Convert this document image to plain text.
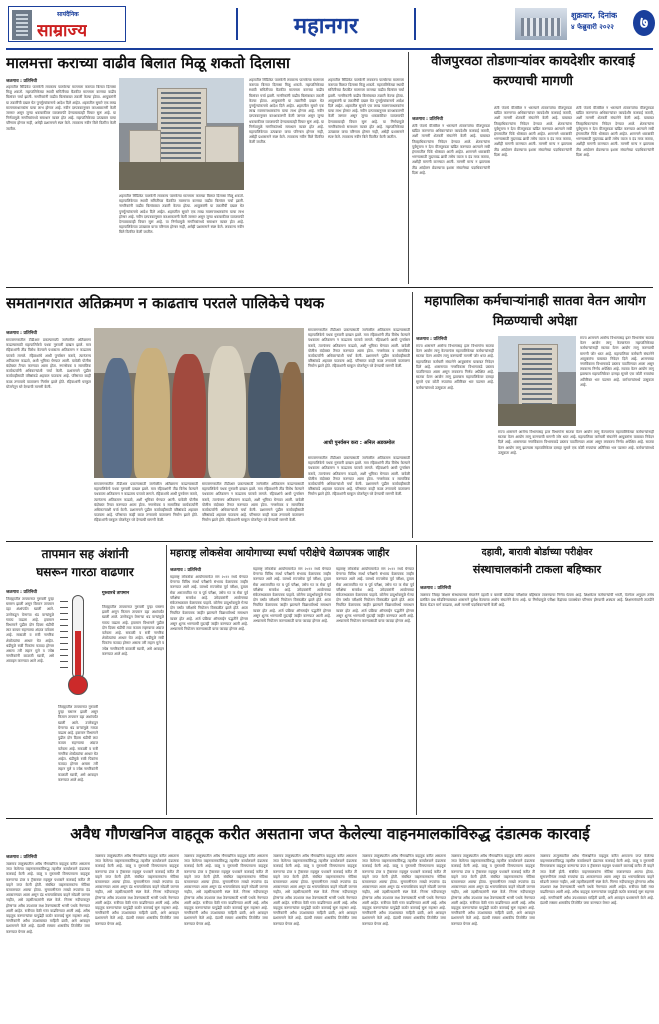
सायंदैनिक
साम्राज्य	महानगर	शुक्रवार, दिनांक
४ फेब्रुवारी २०२२	७
मालमत्ता कराच्या वाढीव बिलात मिळू शकतो दिलासा
जळगाव : प्रतिनिधी
शहरातील सिंडिकेट पालकेनी लवकरच पालकेन्या मालमत्ता कराच्या बिलात दिलासा मिळू शकतो. महापालिकेच्या स्थायी समितीच्या बैठकीत मालमत्ता कराच्या वाढीव बिलांवर चर्चा झाली. नागरिकांनी वाढीव बिलांबाबत तक्रारी केल्या होत्या. आयुक्तांनी या तक्रारींची दखल घेत पुनर्मूल्यांकनाचे आदेश दिले आहेत. शहरातील सुमारे एक लाख मालमत्ताधारकांना याचा लाभ होणार आहे. नवीन दरपत्रकानुसार करआकारणी केली जाणार असून जुन्या थकबाकीवर व्याजमाफी देण्याबाबतही विचार सुरू आहे. या निर्णयामुळे नागरिकांमध्ये समाधान व्यक्त होत आहे. महापालिकेच्या उत्पन्नावर याचा परिणाम होणार नाही, असेही प्रशासनाने स्पष्ट केले. लवकरच नवीन बिले वितरित केली जातील.
शहरातील सिंडिकेट पालकेनी लवकरच पालकेन्या मालमत्ता कराच्या बिलात दिलासा मिळू शकतो. महापालिकेच्या स्थायी समितीच्या बैठकीत मालमत्ता कराच्या वाढीव बिलांवर चर्चा झाली. नागरिकांनी वाढीव बिलांबाबत तक्रारी केल्या होत्या. आयुक्तांनी या तक्रारींची दखल घेत पुनर्मूल्यांकनाचे आदेश दिले आहेत. शहरातील सुमारे एक लाख मालमत्ताधारकांना याचा लाभ होणार आहे. नवीन दरपत्रकानुसार करआकारणी केली जाणार असून जुन्या थकबाकीवर व्याजमाफी देण्याबाबतही विचार सुरू आहे. या निर्णयामुळे नागरिकांमध्ये समाधान व्यक्त होत आहे. महापालिकेच्या उत्पन्नावर याचा परिणाम होणार नाही, असेही प्रशासनाने स्पष्ट केले. लवकरच नवीन बिले वितरित केली जातील.
शहरातील सिंडिकेट पालकेनी लवकरच पालकेन्या मालमत्ता कराच्या बिलात दिलासा मिळू शकतो. महापालिकेच्या स्थायी समितीच्या बैठकीत मालमत्ता कराच्या वाढीव बिलांवर चर्चा झाली. नागरिकांनी वाढीव बिलांबाबत तक्रारी केल्या होत्या. आयुक्तांनी या तक्रारींची दखल घेत पुनर्मूल्यांकनाचे आदेश दिले आहेत. शहरातील सुमारे एक लाख मालमत्ताधारकांना याचा लाभ होणार आहे. नवीन दरपत्रकानुसार करआकारणी केली जाणार असून जुन्या थकबाकीवर व्याजमाफी देण्याबाबतही विचार सुरू आहे. या निर्णयामुळे नागरिकांमध्ये समाधान व्यक्त होत आहे. महापालिकेच्या उत्पन्नावर याचा परिणाम होणार नाही, असेही प्रशासनाने स्पष्ट केले. लवकरच नवीन बिले वितरित केली जातील.
शहरातील सिंडिकेट पालकेनी लवकरच पालकेन्या मालमत्ता कराच्या बिलात दिलासा मिळू शकतो. महापालिकेच्या स्थायी समितीच्या बैठकीत मालमत्ता कराच्या वाढीव बिलांवर चर्चा झाली. नागरिकांनी वाढीव बिलांबाबत तक्रारी केल्या होत्या. आयुक्तांनी या तक्रारींची दखल घेत पुनर्मूल्यांकनाचे आदेश दिले आहेत. शहरातील सुमारे एक लाख मालमत्ताधारकांना याचा लाभ होणार आहे. नवीन दरपत्रकानुसार करआकारणी केली जाणार असून जुन्या थकबाकीवर व्याजमाफी देण्याबाबतही विचार सुरू आहे. या निर्णयामुळे नागरिकांमध्ये समाधान व्यक्त होत आहे. महापालिकेच्या उत्पन्नावर याचा परिणाम होणार नाही, असेही प्रशासनाने स्पष्ट केले. लवकरच नवीन बिले वितरित केली जातील.
वीजपुरवठा तोडणाऱ्यांवर कायदेशीर कारवाई करण्याची मागणी
जळगाव : प्रतिनिधी
शेती पंपाचे वीजबिल न भरल्याने शेतकऱ्यांचा वीजपुरवठा खंडित करणाऱ्या अधिकाऱ्यांवर कायदेशीर कारवाई करावी, अशी मागणी शेतकरी संघटनेने केली आहे. याबाबत जिल्हाधिकाऱ्यांना निवेदन देण्यात आले. शेतकऱ्यांना पूर्वसूचना न देता वीजपुरवठा खंडित करण्यात आल्याने रब्बी हंगामातील पिके धोक्यात आली आहेत. शासनाने थकबाकी भरण्यासाठी मुदतवाढ द्यावी तसेच व्याज व दंड माफ करावा, अशीही मागणी करण्यात आली. मागणी मान्य न झाल्यास तीव्र आंदोलन छेडण्याचा इशारा संघटनेच्या पदाधिकाऱ्यांनी दिला आहे.
शेती पंपाचे वीजबिल न भरल्याने शेतकऱ्यांचा वीजपुरवठा खंडित करणाऱ्या अधिकाऱ्यांवर कायदेशीर कारवाई करावी, अशी मागणी शेतकरी संघटनेने केली आहे. याबाबत जिल्हाधिकाऱ्यांना निवेदन देण्यात आले. शेतकऱ्यांना पूर्वसूचना न देता वीजपुरवठा खंडित करण्यात आल्याने रब्बी हंगामातील पिके धोक्यात आली आहेत. शासनाने थकबाकी भरण्यासाठी मुदतवाढ द्यावी तसेच व्याज व दंड माफ करावा, अशीही मागणी करण्यात आली. मागणी मान्य न झाल्यास तीव्र आंदोलन छेडण्याचा इशारा संघटनेच्या पदाधिकाऱ्यांनी दिला आहे.
शेती पंपाचे वीजबिल न भरल्याने शेतकऱ्यांचा वीजपुरवठा खंडित करणाऱ्या अधिकाऱ्यांवर कायदेशीर कारवाई करावी, अशी मागणी शेतकरी संघटनेने केली आहे. याबाबत जिल्हाधिकाऱ्यांना निवेदन देण्यात आले. शेतकऱ्यांना पूर्वसूचना न देता वीजपुरवठा खंडित करण्यात आल्याने रब्बी हंगामातील पिके धोक्यात आली आहेत. शासनाने थकबाकी भरण्यासाठी मुदतवाढ द्यावी तसेच व्याज व दंड माफ करावा, अशीही मागणी करण्यात आली. मागणी मान्य न झाल्यास तीव्र आंदोलन छेडण्याचा इशारा संघटनेच्या पदाधिकाऱ्यांनी दिला आहे.
समतानगरात अतिक्रमण न काढताच परतले पालिकेचे पथक
जळगाव : प्रतिनिधी
समतानगरातील टीडीआर प्रकल्पासाठी जागेवरील अतिक्रमण काढण्यासाठी महापालिकेचे पथक गुरुवारी दाखल झाले. मात्र रहिवाशांनी तीव्र विरोध केल्याने पथकाला अतिक्रमण न काढताच परतावे लागले. रहिवाशांचे आधी पुनर्वसन करावे, त्यानंतरच अतिक्रमण काढावे, अशी भूमिका घेण्यात आली. यावेळी पोलीस बंदोबस्त तैनात करण्यात आला होता. नगरसेवक व सामाजिक कार्यकर्त्यांनी अधिकाऱ्यांशी चर्चा केली. प्रशासनाने पुढील कार्यवाहीसाठी वरिष्ठांकडे अहवाल पाठवला आहे. परिसरात काही काळ तणावाचे वातावरण निर्माण झाले होते. रहिवाशांनी घरकुल योजनेतून घरे देण्याची मागणी केली.
समतानगरातील टीडीआर प्रकल्पासाठी जागेवरील अतिक्रमण काढण्यासाठी महापालिकेचे पथक गुरुवारी दाखल झाले. मात्र रहिवाशांनी तीव्र विरोध केल्याने पथकाला अतिक्रमण न काढताच परतावे लागले. रहिवाशांचे आधी पुनर्वसन करावे, त्यानंतरच अतिक्रमण काढावे, अशी भूमिका घेण्यात आली. यावेळी पोलीस बंदोबस्त तैनात करण्यात आला होता. नगरसेवक व सामाजिक कार्यकर्त्यांनी अधिकाऱ्यांशी चर्चा केली. प्रशासनाने पुढील कार्यवाहीसाठी वरिष्ठांकडे अहवाल पाठवला आहे. परिसरात काही काळ तणावाचे वातावरण निर्माण झाले होते. रहिवाशांनी घरकुल योजनेतून घरे देण्याची मागणी केली.
समतानगरातील टीडीआर प्रकल्पासाठी जागेवरील अतिक्रमण काढण्यासाठी महापालिकेचे पथक गुरुवारी दाखल झाले. मात्र रहिवाशांनी तीव्र विरोध केल्याने पथकाला अतिक्रमण न काढताच परतावे लागले. रहिवाशांचे आधी पुनर्वसन करावे, त्यानंतरच अतिक्रमण काढावे, अशी भूमिका घेण्यात आली. यावेळी पोलीस बंदोबस्त तैनात करण्यात आला होता. नगरसेवक व सामाजिक कार्यकर्त्यांनी अधिकाऱ्यांशी चर्चा केली. प्रशासनाने पुढील कार्यवाहीसाठी वरिष्ठांकडे अहवाल पाठवला आहे. परिसरात काही काळ तणावाचे वातावरण निर्माण झाले होते. रहिवाशांनी घरकुल योजनेतून घरे देण्याची मागणी केली.
समतानगरातील टीडीआर प्रकल्पासाठी जागेवरील अतिक्रमण काढण्यासाठी महापालिकेचे पथक गुरुवारी दाखल झाले. मात्र रहिवाशांनी तीव्र विरोध केल्याने पथकाला अतिक्रमण न काढताच परतावे लागले. रहिवाशांचे आधी पुनर्वसन करावे, त्यानंतरच अतिक्रमण काढावे, अशी भूमिका घेण्यात आली. यावेळी पोलीस बंदोबस्त तैनात करण्यात आला होता. नगरसेवक व सामाजिक कार्यकर्त्यांनी अधिकाऱ्यांशी चर्चा केली. प्रशासनाने पुढील कार्यवाहीसाठी वरिष्ठांकडे अहवाल पाठवला आहे. परिसरात काही काळ तणावाचे वातावरण निर्माण झाले होते. रहिवाशांनी घरकुल योजनेतून घरे देण्याची मागणी केली.
आधी पुनर्वसन करा : अनिल अडकमोल
समतानगरातील टीडीआर प्रकल्पासाठी जागेवरील अतिक्रमण काढण्यासाठी महापालिकेचे पथक गुरुवारी दाखल झाले. मात्र रहिवाशांनी तीव्र विरोध केल्याने पथकाला अतिक्रमण न काढताच परतावे लागले. रहिवाशांचे आधी पुनर्वसन करावे, त्यानंतरच अतिक्रमण काढावे, अशी भूमिका घेण्यात आली. यावेळी पोलीस बंदोबस्त तैनात करण्यात आला होता. नगरसेवक व सामाजिक कार्यकर्त्यांनी अधिकाऱ्यांशी चर्चा केली. प्रशासनाने पुढील कार्यवाहीसाठी वरिष्ठांकडे अहवाल पाठवला आहे. परिसरात काही काळ तणावाचे वातावरण निर्माण झाले होते. रहिवाशांनी घरकुल योजनेतून घरे देण्याची मागणी केली.
महापालिका कर्मचाऱ्यांनाही सातवा वेतन आयोग मिळण्याची अपेक्षा
जळगाव : प्रतिनिधी
राज्य शासनाने आरोग्य विभागासह इतर विभागांना सातवा वेतन आयोग लागू केल्यानंतर महापालिकेच्या कर्मचाऱ्यांनाही सातवा वेतन आयोग लागू करण्याची मागणी जोर धरत आहे. महापालिका कर्मचारी संघटनेने आयुक्तांना याबाबत निवेदन दिले आहे. शासनाच्या नगरविकास विभागाकडे प्रस्ताव पाठविण्यात आला असून लवकरच निर्णय अपेक्षित आहे. सातवा वेतन आयोग लागू झाल्यास महापालिकेवर दरमहा सुमारे एक कोटी रुपयांचा अतिरिक्त भार पडणार आहे. कर्मचाऱ्यांमध्ये उत्सुकता आहे.
राज्य शासनाने आरोग्य विभागासह इतर विभागांना सातवा वेतन आयोग लागू केल्यानंतर महापालिकेच्या कर्मचाऱ्यांनाही सातवा वेतन आयोग लागू करण्याची मागणी जोर धरत आहे. महापालिका कर्मचारी संघटनेने आयुक्तांना याबाबत निवेदन दिले आहे. शासनाच्या नगरविकास विभागाकडे प्रस्ताव पाठविण्यात आला असून लवकरच निर्णय अपेक्षित आहे. सातवा वेतन आयोग लागू झाल्यास महापालिकेवर दरमहा सुमारे एक कोटी रुपयांचा अतिरिक्त भार पडणार आहे. कर्मचाऱ्यांमध्ये उत्सुकता आहे.
राज्य शासनाने आरोग्य विभागासह इतर विभागांना सातवा वेतन आयोग लागू केल्यानंतर महापालिकेच्या कर्मचाऱ्यांनाही सातवा वेतन आयोग लागू करण्याची मागणी जोर धरत आहे. महापालिका कर्मचारी संघटनेने आयुक्तांना याबाबत निवेदन दिले आहे. शासनाच्या नगरविकास विभागाकडे प्रस्ताव पाठविण्यात आला असून लवकरच निर्णय अपेक्षित आहे. सातवा वेतन आयोग लागू झाल्यास महापालिकेवर दरमहा सुमारे एक कोटी रुपयांचा अतिरिक्त भार पडणार आहे. कर्मचाऱ्यांमध्ये उत्सुकता आहे.
तापमान सह अंशांनी
घसरून गारठा वाढणार
जळगाव : प्रतिनिधी
जिल्ह्यातील तापमानात गुरुवारी पुन्हा घसरण झाली असून किमान तापमान दहा अंशांपर्यंत खाली आले. उत्तरेकडून येणाऱ्या थंड वाऱ्यांमुळे गारठा वाढला आहे. हवामान विभागाने पुढील दोन दिवस थंडीची लाट कायम राहण्याचा अंदाज वर्तवला आहे. सकाळी व रात्री नागरिक शेकोट्यांचा आधार घेत आहेत. थंडीमुळे रब्बी पिकांना फायदा होणार असला तरी लहान मुले व ज्येष्ठ नागरिकांनी काळजी घ्यावी, असे आवाहन करण्यात आले आहे.
गुरुवारचे तापमान
जिल्ह्यातील तापमानात गुरुवारी पुन्हा घसरण झाली असून किमान तापमान दहा अंशांपर्यंत खाली आले. उत्तरेकडून येणाऱ्या थंड वाऱ्यांमुळे गारठा वाढला आहे. हवामान विभागाने पुढील दोन दिवस थंडीची लाट कायम राहण्याचा अंदाज वर्तवला आहे. सकाळी व रात्री नागरिक शेकोट्यांचा आधार घेत आहेत. थंडीमुळे रब्बी पिकांना फायदा होणार असला तरी लहान मुले व ज्येष्ठ नागरिकांनी काळजी घ्यावी, असे आवाहन करण्यात आले आहे.
जिल्ह्यातील तापमानात गुरुवारी पुन्हा घसरण झाली असून किमान तापमान दहा अंशांपर्यंत खाली आले. उत्तरेकडून येणाऱ्या थंड वाऱ्यांमुळे गारठा वाढला आहे. हवामान विभागाने पुढील दोन दिवस थंडीची लाट कायम राहण्याचा अंदाज वर्तवला आहे. सकाळी व रात्री नागरिक शेकोट्यांचा आधार घेत आहेत. थंडीमुळे रब्बी पिकांना फायदा होणार असला तरी लहान मुले व ज्येष्ठ नागरिकांनी काळजी घ्यावी, असे आवाहन करण्यात आले आहे.
महाराष्ट्र लोकसेवा आयोगाच्या स्पर्धा परीक्षेचे वेळापत्रक जाहीर
जळगाव : प्रतिनिधी
महाराष्ट्र लोकसेवा आयोगामार्फत सन २०२२ मध्ये घेण्यात येणाऱ्या विविध स्पर्धा परीक्षांचे संभाव्य वेळापत्रक जाहीर करण्यात आले आहे. यामध्ये राज्यसेवा पूर्व परीक्षा, दुय्यम सेवा अराजपत्रित गट ब पूर्व परीक्षा, तसेच गट क सेवा पूर्व परीक्षेचा समावेश आहे. उमेदवारांनी आयोगाच्या संकेतस्थळावर वेळापत्रक पाहावे. कोरोना प्रादुर्भावामुळे गेल्या दोन वर्षांत परीक्षांचे नियोजन विस्कळीत झाले होते. आता नियमित वेळापत्रक जाहीर झाल्याने विद्यार्थ्यांमध्ये समाधान व्यक्त होत आहे. अर्ज प्रक्रिया ऑनलाईन पद्धतीने होणार असून शुल्क भरण्याची मुदतही जाहीर करण्यात आली आहे. अभ्यासाचे नियोजन करण्यासाठी याचा फायदा होणार आहे.
महाराष्ट्र लोकसेवा आयोगामार्फत सन २०२२ मध्ये घेण्यात येणाऱ्या विविध स्पर्धा परीक्षांचे संभाव्य वेळापत्रक जाहीर करण्यात आले आहे. यामध्ये राज्यसेवा पूर्व परीक्षा, दुय्यम सेवा अराजपत्रित गट ब पूर्व परीक्षा, तसेच गट क सेवा पूर्व परीक्षेचा समावेश आहे. उमेदवारांनी आयोगाच्या संकेतस्थळावर वेळापत्रक पाहावे. कोरोना प्रादुर्भावामुळे गेल्या दोन वर्षांत परीक्षांचे नियोजन विस्कळीत झाले होते. आता नियमित वेळापत्रक जाहीर झाल्याने विद्यार्थ्यांमध्ये समाधान व्यक्त होत आहे. अर्ज प्रक्रिया ऑनलाईन पद्धतीने होणार असून शुल्क भरण्याची मुदतही जाहीर करण्यात आली आहे. अभ्यासाचे नियोजन करण्यासाठी याचा फायदा होणार आहे.
महाराष्ट्र लोकसेवा आयोगामार्फत सन २०२२ मध्ये घेण्यात येणाऱ्या विविध स्पर्धा परीक्षांचे संभाव्य वेळापत्रक जाहीर करण्यात आले आहे. यामध्ये राज्यसेवा पूर्व परीक्षा, दुय्यम सेवा अराजपत्रित गट ब पूर्व परीक्षा, तसेच गट क सेवा पूर्व परीक्षेचा समावेश आहे. उमेदवारांनी आयोगाच्या संकेतस्थळावर वेळापत्रक पाहावे. कोरोना प्रादुर्भावामुळे गेल्या दोन वर्षांत परीक्षांचे नियोजन विस्कळीत झाले होते. आता नियमित वेळापत्रक जाहीर झाल्याने विद्यार्थ्यांमध्ये समाधान व्यक्त होत आहे. अर्ज प्रक्रिया ऑनलाईन पद्धतीने होणार असून शुल्क भरण्याची मुदतही जाहीर करण्यात आली आहे. अभ्यासाचे नियोजन करण्यासाठी याचा फायदा होणार आहे.
दहावी, बारावी बोर्डाच्या परीक्षेवर
संस्थाचालकांनी टाकला बहिष्कार
जळगाव : प्रतिनिधी
जळगाव जिल्हा शिक्षण संस्थाचालक संघटनेने दहावी व बारावी बोर्डाच्या परीक्षांवर बहिष्कार टाकण्याचा निर्णय घेतला आहे. शिक्षकेतर कर्मचाऱ्यांची भरती, वेतनेतर अनुदान तसेच प्रलंबित प्रश्न सोडविण्याबाबत शासनाने दुर्लक्ष केल्याचा आरोप संघटनेने केला आहे. या निर्णयामुळे परीक्षा केंद्रांच्या व्यवस्थेवर परिणाम होण्याची शक्यता आहे. शिक्षणमंत्र्यांनी तातडीने बैठक घेऊन मार्ग काढावा, अशी मागणी पदाधिकाऱ्यांनी केली आहे.
अवैध गौणखनिज वाहतूक करीत असताना जप्त केलेल्या वाहनमालकांविरुद्ध दंडात्मक कारवाई
जळगाव : प्रतिनिधी
जळगाव तालुक्यातील अवैध गौणखनिज वाहतूक करीत असताना जप्त केलेल्या वाहनमालकांविरुद्ध तहसील कार्यालयाने दंडात्मक कारवाई केली आहे. वाळू व मुरुमाची विनापरवाना वाहतूक करणाऱ्या डंपर व ट्रॅक्टरवर महसूल पथकाने कारवाई करीत ती वाहने जप्त केली होती. संबंधित वाहनमालकांना नोटिसा बजावण्यात आल्या होत्या. सुनावणीनंतर लाखो रुपयांचा दंड आकारण्यात आला असून दंड भरल्याशिवाय वाहने सोडली जाणार नाहीत, असे तहसीलदारांनी स्पष्ट केले. गिरणा नदीपात्रातून होणाऱ्या अवैध उपशावर लक्ष ठेवण्यासाठी भरारी पथके नेमण्यात आली आहेत. रात्रीच्या वेळी गस्त वाढविण्यात आली आहे. अवैध वाहतूक करणाऱ्यांवर यापुढेही कठोर कारवाई सुरू राहणार आहे. नागरिकांनी अवैध उपशाबाबत माहिती द्यावी, असे आवाहन प्रशासनाने केले आहे. दंडाची रक्कम शासकीय तिजोरीत जमा करण्यात येणार आहे.
जळगाव तालुक्यातील अवैध गौणखनिज वाहतूक करीत असताना जप्त केलेल्या वाहनमालकांविरुद्ध तहसील कार्यालयाने दंडात्मक कारवाई केली आहे. वाळू व मुरुमाची विनापरवाना वाहतूक करणाऱ्या डंपर व ट्रॅक्टरवर महसूल पथकाने कारवाई करीत ती वाहने जप्त केली होती. संबंधित वाहनमालकांना नोटिसा बजावण्यात आल्या होत्या. सुनावणीनंतर लाखो रुपयांचा दंड आकारण्यात आला असून दंड भरल्याशिवाय वाहने सोडली जाणार नाहीत, असे तहसीलदारांनी स्पष्ट केले. गिरणा नदीपात्रातून होणाऱ्या अवैध उपशावर लक्ष ठेवण्यासाठी भरारी पथके नेमण्यात आली आहेत. रात्रीच्या वेळी गस्त वाढविण्यात आली आहे. अवैध वाहतूक करणाऱ्यांवर यापुढेही कठोर कारवाई सुरू राहणार आहे. नागरिकांनी अवैध उपशाबाबत माहिती द्यावी, असे आवाहन प्रशासनाने केले आहे. दंडाची रक्कम शासकीय तिजोरीत जमा करण्यात येणार आहे.
जळगाव तालुक्यातील अवैध गौणखनिज वाहतूक करीत असताना जप्त केलेल्या वाहनमालकांविरुद्ध तहसील कार्यालयाने दंडात्मक कारवाई केली आहे. वाळू व मुरुमाची विनापरवाना वाहतूक करणाऱ्या डंपर व ट्रॅक्टरवर महसूल पथकाने कारवाई करीत ती वाहने जप्त केली होती. संबंधित वाहनमालकांना नोटिसा बजावण्यात आल्या होत्या. सुनावणीनंतर लाखो रुपयांचा दंड आकारण्यात आला असून दंड भरल्याशिवाय वाहने सोडली जाणार नाहीत, असे तहसीलदारांनी स्पष्ट केले. गिरणा नदीपात्रातून होणाऱ्या अवैध उपशावर लक्ष ठेवण्यासाठी भरारी पथके नेमण्यात आली आहेत. रात्रीच्या वेळी गस्त वाढविण्यात आली आहे. अवैध वाहतूक करणाऱ्यांवर यापुढेही कठोर कारवाई सुरू राहणार आहे. नागरिकांनी अवैध उपशाबाबत माहिती द्यावी, असे आवाहन प्रशासनाने केले आहे. दंडाची रक्कम शासकीय तिजोरीत जमा करण्यात येणार आहे.
जळगाव तालुक्यातील अवैध गौणखनिज वाहतूक करीत असताना जप्त केलेल्या वाहनमालकांविरुद्ध तहसील कार्यालयाने दंडात्मक कारवाई केली आहे. वाळू व मुरुमाची विनापरवाना वाहतूक करणाऱ्या डंपर व ट्रॅक्टरवर महसूल पथकाने कारवाई करीत ती वाहने जप्त केली होती. संबंधित वाहनमालकांना नोटिसा बजावण्यात आल्या होत्या. सुनावणीनंतर लाखो रुपयांचा दंड आकारण्यात आला असून दंड भरल्याशिवाय वाहने सोडली जाणार नाहीत, असे तहसीलदारांनी स्पष्ट केले. गिरणा नदीपात्रातून होणाऱ्या अवैध उपशावर लक्ष ठेवण्यासाठी भरारी पथके नेमण्यात आली आहेत. रात्रीच्या वेळी गस्त वाढविण्यात आली आहे. अवैध वाहतूक करणाऱ्यांवर यापुढेही कठोर कारवाई सुरू राहणार आहे. नागरिकांनी अवैध उपशाबाबत माहिती द्यावी, असे आवाहन प्रशासनाने केले आहे. दंडाची रक्कम शासकीय तिजोरीत जमा करण्यात येणार आहे.
जळगाव तालुक्यातील अवैध गौणखनिज वाहतूक करीत असताना जप्त केलेल्या वाहनमालकांविरुद्ध तहसील कार्यालयाने दंडात्मक कारवाई केली आहे. वाळू व मुरुमाची विनापरवाना वाहतूक करणाऱ्या डंपर व ट्रॅक्टरवर महसूल पथकाने कारवाई करीत ती वाहने जप्त केली होती. संबंधित वाहनमालकांना नोटिसा बजावण्यात आल्या होत्या. सुनावणीनंतर लाखो रुपयांचा दंड आकारण्यात आला असून दंड भरल्याशिवाय वाहने सोडली जाणार नाहीत, असे तहसीलदारांनी स्पष्ट केले. गिरणा नदीपात्रातून होणाऱ्या अवैध उपशावर लक्ष ठेवण्यासाठी भरारी पथके नेमण्यात आली आहेत. रात्रीच्या वेळी गस्त वाढविण्यात आली आहे. अवैध वाहतूक करणाऱ्यांवर यापुढेही कठोर कारवाई सुरू राहणार आहे. नागरिकांनी अवैध उपशाबाबत माहिती द्यावी, असे आवाहन प्रशासनाने केले आहे. दंडाची रक्कम शासकीय तिजोरीत जमा करण्यात येणार आहे.
जळगाव तालुक्यातील अवैध गौणखनिज वाहतूक करीत असताना जप्त केलेल्या वाहनमालकांविरुद्ध तहसील कार्यालयाने दंडात्मक कारवाई केली आहे. वाळू व मुरुमाची विनापरवाना वाहतूक करणाऱ्या डंपर व ट्रॅक्टरवर महसूल पथकाने कारवाई करीत ती वाहने जप्त केली होती. संबंधित वाहनमालकांना नोटिसा बजावण्यात आल्या होत्या. सुनावणीनंतर लाखो रुपयांचा दंड आकारण्यात आला असून दंड भरल्याशिवाय वाहने सोडली जाणार नाहीत, असे तहसीलदारांनी स्पष्ट केले. गिरणा नदीपात्रातून होणाऱ्या अवैध उपशावर लक्ष ठेवण्यासाठी भरारी पथके नेमण्यात आली आहेत. रात्रीच्या वेळी गस्त वाढविण्यात आली आहे. अवैध वाहतूक करणाऱ्यांवर यापुढेही कठोर कारवाई सुरू राहणार आहे. नागरिकांनी अवैध उपशाबाबत माहिती द्यावी, असे आवाहन प्रशासनाने केले आहे. दंडाची रक्कम शासकीय तिजोरीत जमा करण्यात येणार आहे.
जळगाव तालुक्यातील अवैध गौणखनिज वाहतूक करीत असताना जप्त केलेल्या वाहनमालकांविरुद्ध तहसील कार्यालयाने दंडात्मक कारवाई केली आहे. वाळू व मुरुमाची विनापरवाना वाहतूक करणाऱ्या डंपर व ट्रॅक्टरवर महसूल पथकाने कारवाई करीत ती वाहने जप्त केली होती. संबंधित वाहनमालकांना नोटिसा बजावण्यात आल्या होत्या. सुनावणीनंतर लाखो रुपयांचा दंड आकारण्यात आला असून दंड भरल्याशिवाय वाहने सोडली जाणार नाहीत, असे तहसीलदारांनी स्पष्ट केले. गिरणा नदीपात्रातून होणाऱ्या अवैध उपशावर लक्ष ठेवण्यासाठी भरारी पथके नेमण्यात आली आहेत. रात्रीच्या वेळी गस्त वाढविण्यात आली आहे. अवैध वाहतूक करणाऱ्यांवर यापुढेही कठोर कारवाई सुरू राहणार आहे. नागरिकांनी अवैध उपशाबाबत माहिती द्यावी, असे आवाहन प्रशासनाने केले आहे. दंडाची रक्कम शासकीय तिजोरीत जमा करण्यात येणार आहे.
